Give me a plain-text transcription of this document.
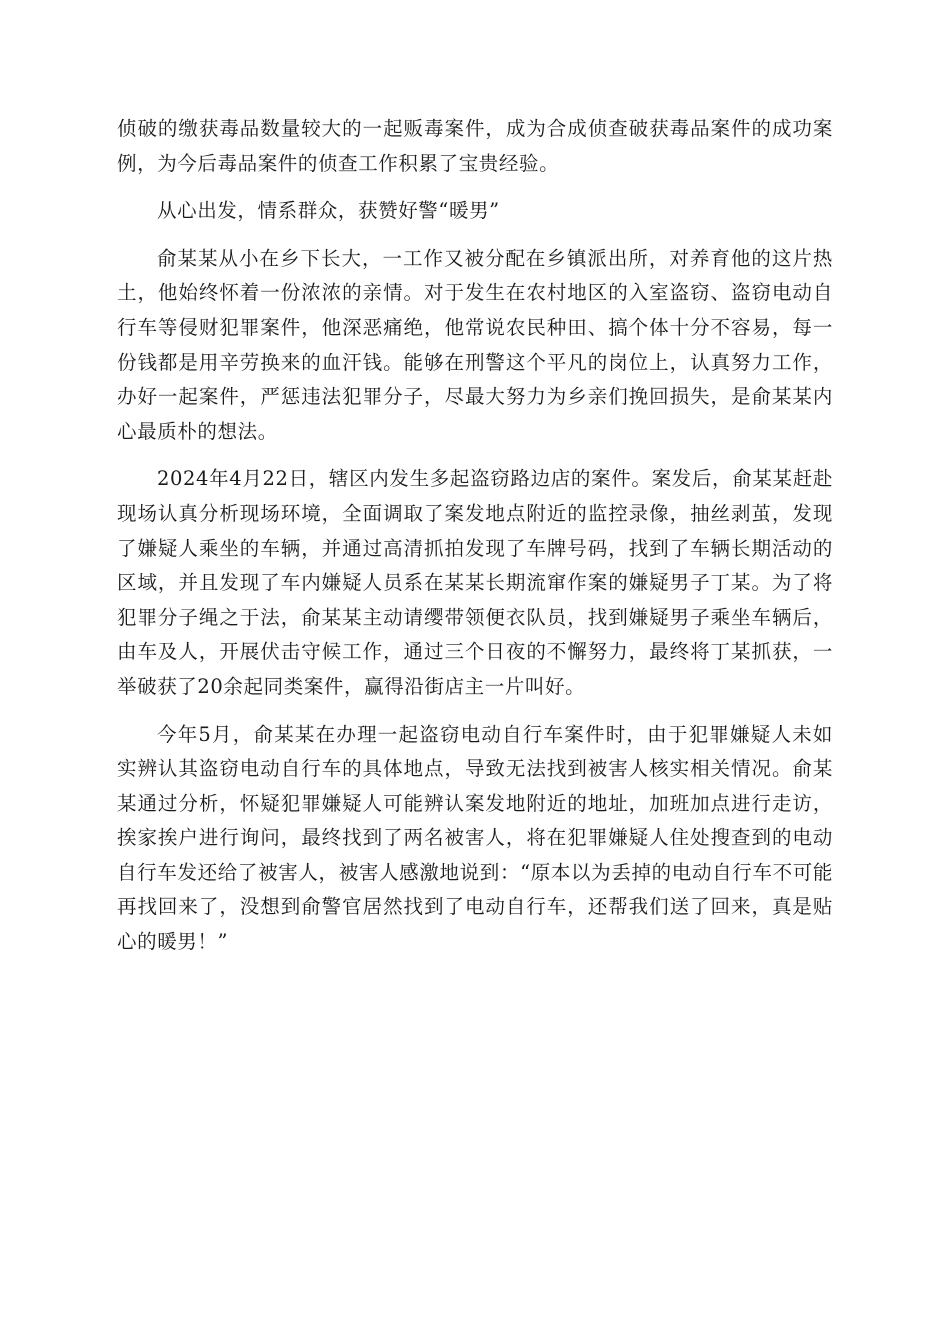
侦破的缴获毒品数量较大的一起贩毒案件，成为合成侦查破获毒品案件的成功案例，为今后毒品案件的侦查工作积累了宝贵经验。

从心出发，情系群众，获赞好警“暖男”

俞某某从小在乡下长大，一工作又被分配在乡镇派出所，对养育他的这片热土，他始终怀着一份浓浓的亲情。对于发生在农村地区的入室盗窃、盗窃电动自行车等侵财犯罪案件，他深恶痛绝，他常说农民种田、搞个体十分不容易，每一份钱都是用辛劳换来的血汗钱。能够在刑警这个平凡的岗位上，认真努力工作，办好一起案件，严惩违法犯罪分子，尽最大努力为乡亲们挽回损失，是俞某某内心最质朴的想法。

2024年4月22日，辖区内发生多起盗窃路边店的案件。案发后，俞某某赶赴现场认真分析现场环境，全面调取了案发地点附近的监控录像，抽丝剥茧，发现了嫌疑人乘坐的车辆，并通过高清抓拍发现了车牌号码，找到了车辆长期活动的区域，并且发现了车内嫌疑人员系在某某长期流窜作案的嫌疑男子丁某。为了将犯罪分子绳之于法，俞某某主动请缨带领便衣队员，找到嫌疑男子乘坐车辆后，由车及人，开展伏击守候工作，通过三个日夜的不懈努力，最终将丁某抓获，一举破获了20余起同类案件，赢得沿街店主一片叫好。

今年5月，俞某某在办理一起盗窃电动自行车案件时，由于犯罪嫌疑人未如实辨认其盗窃电动自行车的具体地点，导致无法找到被害人核实相关情况。俞某某通过分析，怀疑犯罪嫌疑人可能辨认案发地附近的地址，加班加点进行走访，挨家挨户进行询问，最终找到了两名被害人，将在犯罪嫌疑人住处搜查到的电动自行车发还给了被害人，被害人感激地说到：“原本以为丢掉的电动自行车不可能再找回来了，没想到俞警官居然找到了电动自行车，还帮我们送了回来，真是贴心的暖男！”
